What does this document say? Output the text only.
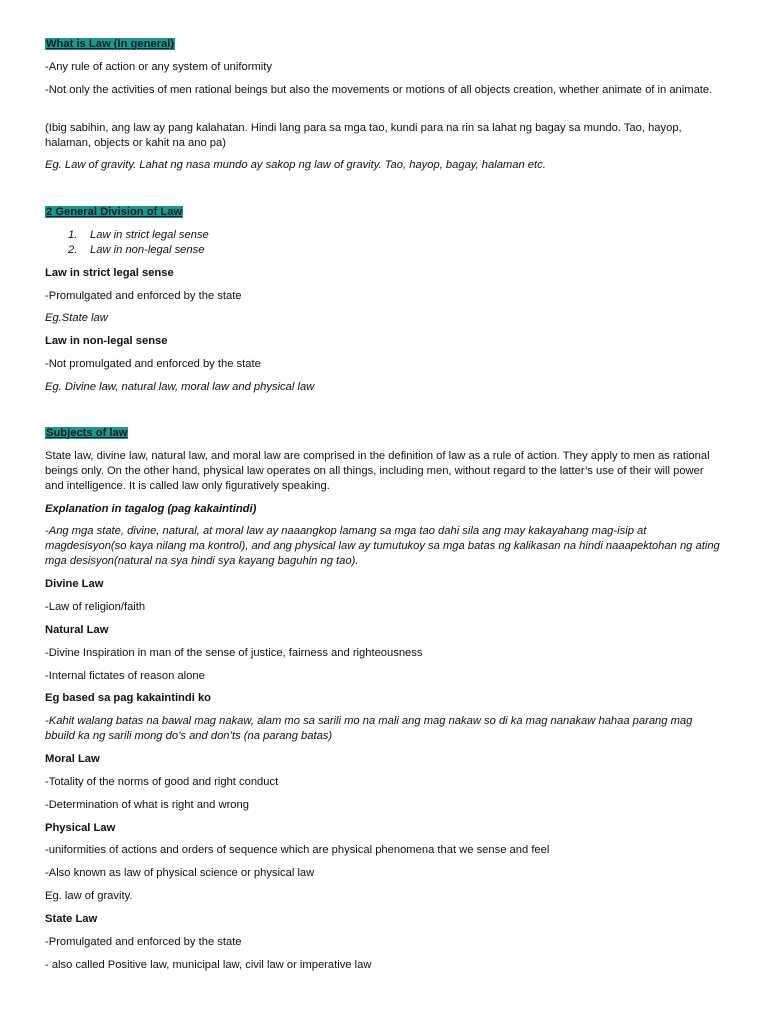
What is Law (In general)
-Any rule of action or any system of uniformity
-Not only the activities of men rational beings but also the movements or motions of all objects creation, whether animate of in animate.
(Ibig sabihin, ang law ay pang kalahatan. Hindi lang para sa mga tao, kundi para na rin sa lahat ng bagay sa mundo. Tao, hayop, halaman, objects or kahit na ano pa)
Eg. Law of gravity. Lahat ng nasa mundo ay sakop ng law of gravity. Tao, hayop, bagay, halaman etc.
2 General Division of Law
1. Law in strict legal sense
2. Law in non-legal sense
Law in strict legal sense
-Promulgated and enforced by the state
Eg.State law
Law in non-legal sense
-Not promulgated and enforced by the state
Eg. Divine law, natural law, moral law and physical law
Subjects of law
State law, divine law, natural law, and moral law are comprised in the definition of law as a rule of action. They apply to men as rational beings only. On the other hand, physical law operates on all things, including men, without regard to the latter’s use of their will power and intelligence. It is called law only figuratively speaking.
Explanation in tagalog (pag kakaintindi)
-Ang mga state, divine, natural, at moral law ay naaangkop lamang sa mga tao dahi sila ang may kakayahang mag-isip at magdesisyon(so kaya nilang ma kontrol), and ang physical law ay tumutukoy sa mga batas ng kalikasan na hindi naaapektohan ng ating mga desisyon(natural na sya hindi sya kayang baguhin ng tao).
Divine Law
-Law of religion/faith
Natural Law
-Divine Inspiration in man of the sense of justice, fairness and righteousness
-Internal fictates of reason alone
Eg based sa pag kakaintindi ko
-Kahit walang batas na bawal mag nakaw, alam mo sa sarili mo na mali ang mag nakaw so di ka mag nanakaw hahaa parang mag bbuild ka ng sarili mong do’s and don’ts (na parang batas)
Moral Law
-Totality of the norms of good and right conduct
-Determination of what is right and wrong
Physical Law
-uniformities of actions and orders of sequence which are physical phenomena that we sense and feel
-Also known as law of physical science or physical law
Eg. law of gravity.
State Law
-Promulgated and enforced by the state
- also called Positive law, municipal law, civil law or imperative law
